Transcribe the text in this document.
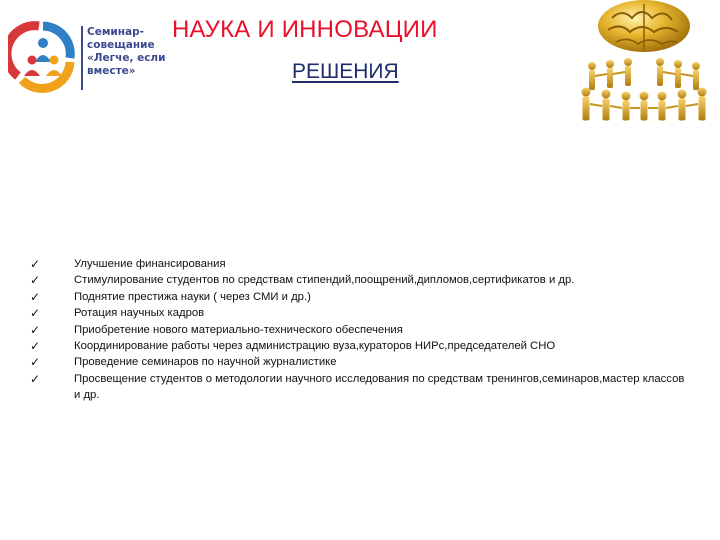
Семинар-
совещание
«Легче, если
вместе»
НАУКА И ИННОВАЦИИ
РЕШЕНИЯ
✓	Улучшение финансирования
✓	Стимулирование студентов по средствам стипендий,поощрений,дипломов,сертификатов и др.
✓	Поднятие престижа науки ( через СМИ и др.)
✓	Ротация научных кадров
✓	Приобретение нового материально-технического обеспечения
✓	Координирование работы через администрацию вуза,кураторов НИРс,председателей СНО
✓	Проведение семинаров по научной журналистике
✓	Просвещение студентов о методологии научного исследования по средствам тренингов,семинаров,мастер классов и др.
